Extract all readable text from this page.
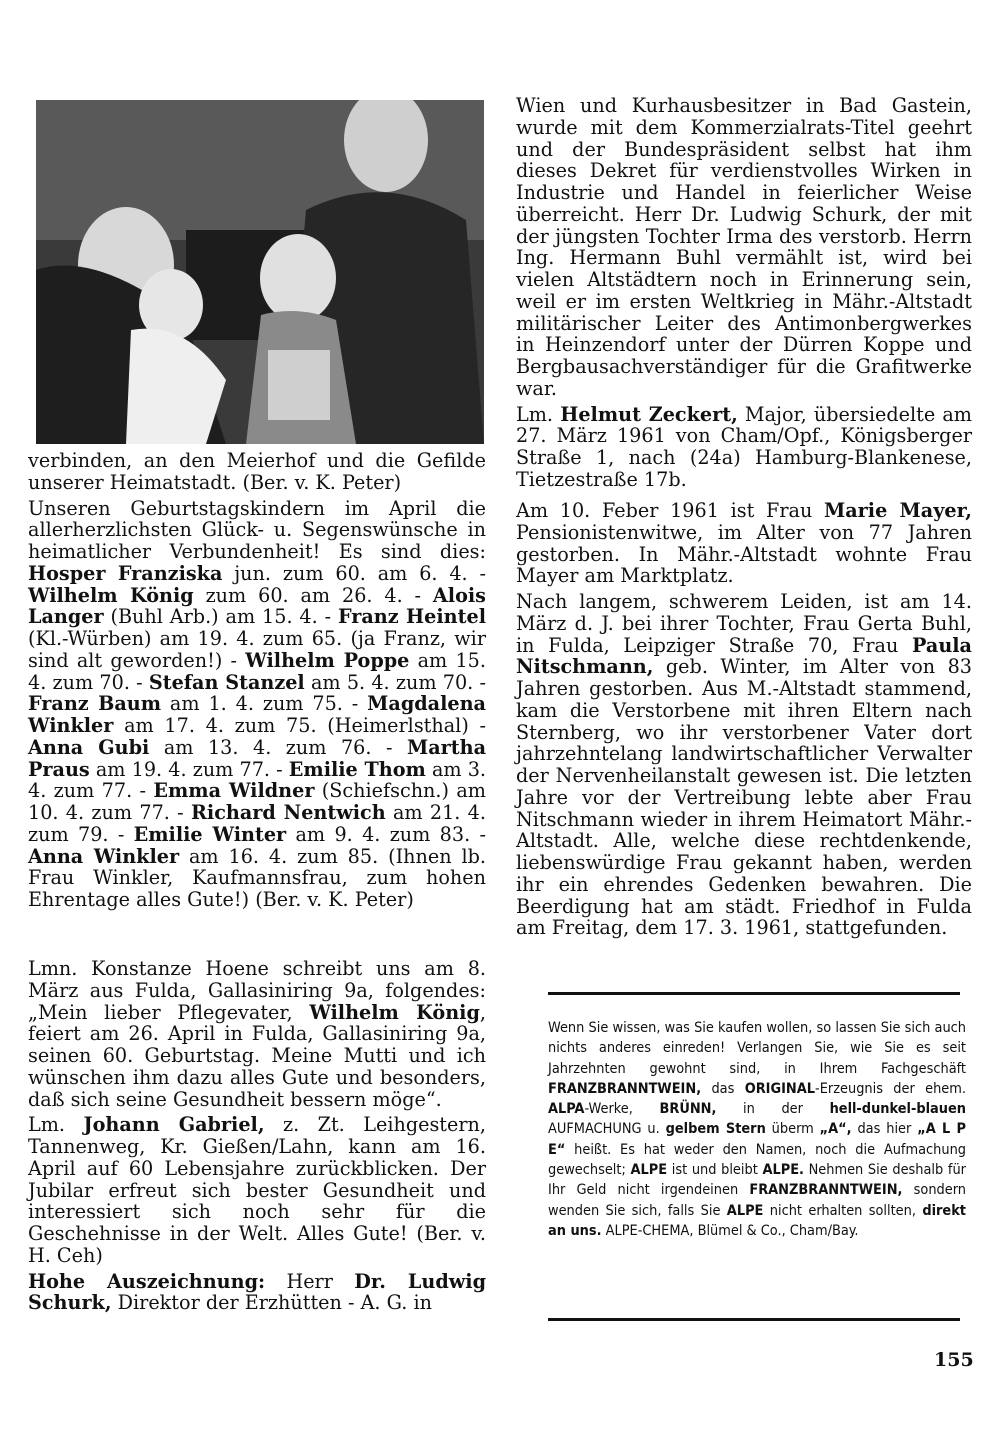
verbinden, an den Meierhof und die Gefilde unserer Heimatstadt. (Ber. v. K. Peter)

Unseren Geburtstagskindern im April die allerherzlichsten Glück- u. Segenswünsche in heimatlicher Verbundenheit! Es sind dies: Hosper Franziska jun. zum 60. am 6. 4. - Wilhelm König zum 60. am 26. 4. - Alois Langer (Buhl Arb.) am 15. 4. - Franz Heintel (Kl.-Würben) am 19. 4. zum 65. (ja Franz, wir sind alt geworden!) - Wilhelm Poppe am 15. 4. zum 70. - Stefan Stanzel am 5. 4. zum 70. - Franz Baum am 1. 4. zum 75. - Magdalena Winkler am 17. 4. zum 75. (Heimerlsthal) - Anna Gubi am 13. 4. zum 76. - Martha Praus am 19. 4. zum 77. - Emilie Thom am 3. 4. zum 77. - Emma Wildner (Schiefschn.) am 10. 4. zum 77. - Richard Nentwich am 21. 4. zum 79. - Emilie Winter am 9. 4. zum 83. - Anna Winkler am 16. 4. zum 85. (Ihnen lb. Frau Winkler, Kaufmannsfrau, zum hohen Ehrentage alles Gute!) (Ber. v. K. Peter)

Lmn. Konstanze Hoene schreibt uns am 8. März aus Fulda, Gallasiniring 9a, folgendes: „Mein lieber Pflegevater, Wilhelm König, feiert am 26. April in Fulda, Gallasiniring 9a, seinen 60. Geburtstag. Meine Mutti und ich wünschen ihm dazu alles Gute und besonders, daß sich seine Gesundheit bessern möge“.

Lm. Johann Gabriel, z. Zt. Leihgestern, Tannenweg, Kr. Gießen/Lahn, kann am 16. April auf 60 Lebensjahre zurückblicken. Der Jubilar erfreut sich bester Gesundheit und interessiert sich noch sehr für die Geschehnisse in der Welt. Alles Gute! (Ber. v. H. Ceh)

Hohe Auszeichnung: Herr Dr. Ludwig Schurk, Direktor der Erzhütten - A. G. in

Wien und Kurhausbesitzer in Bad Gastein, wurde mit dem Kommerzialrats-Titel geehrt und der Bundespräsident selbst hat ihm dieses Dekret für verdienstvolles Wirken in Industrie und Handel in feierlicher Weise überreicht. Herr Dr. Ludwig Schurk, der mit der jüngsten Tochter Irma des verstorb. Herrn Ing. Hermann Buhl vermählt ist, wird bei vielen Altstädtern noch in Erinnerung sein, weil er im ersten Weltkrieg in Mähr.-Altstadt militärischer Leiter des Antimonbergwerkes in Heinzendorf unter der Dürren Koppe und Bergbausachverständiger für die Grafitwerke war.

Lm. Helmut Zeckert, Major, übersiedelte am 27. März 1961 von Cham/Opf., Königsberger Straße 1, nach (24a) Hamburg-Blankenese, Tietzestraße 17b.

Am 10. Feber 1961 ist Frau Marie Mayer, Pensionistenwitwe, im Alter von 77 Jahren gestorben. In Mähr.-Altstadt wohnte Frau Mayer am Marktplatz.

Nach langem, schwerem Leiden, ist am 14. März d. J. bei ihrer Tochter, Frau Gerta Buhl, in Fulda, Leipziger Straße 70, Frau Paula Nitschmann, geb. Winter, im Alter von 83 Jahren gestorben. Aus M.-Altstadt stammend, kam die Verstorbene mit ihren Eltern nach Sternberg, wo ihr verstorbener Vater dort jahrzehntelang landwirtschaftlicher Verwalter der Nervenheilanstalt gewesen ist. Die letzten Jahre vor der Vertreibung lebte aber Frau Nitschmann wieder in ihrem Heimatort Mähr.-Altstadt. Alle, welche diese rechtdenkende, liebenswürdige Frau gekannt haben, werden ihr ein ehrendes Gedenken bewahren. Die Beerdigung hat am städt. Friedhof in Fulda am Freitag, dem 17. 3. 1961, stattgefunden.

Wenn Sie wissen, was Sie kaufen wollen, so lassen Sie sich auch nichts anderes einreden! Verlangen Sie, wie Sie es seit Jahrzehnten gewohnt sind, in Ihrem Fachgeschäft FRANZBRANNTWEIN, das ORIGINAL-Erzeugnis der ehem. ALPA-Werke, BRÜNN, in der hell-dunkel-blauen AUFMACHUNG u. gelbem Stern überm „A“, das hier „A L P E“ heißt. Es hat weder den Namen, noch die Aufmachung gewechselt; ALPE ist und bleibt ALPE. Nehmen Sie deshalb für Ihr Geld nicht irgendeinen FRANZBRANNTWEIN, sondern wenden Sie sich, falls Sie ALPE nicht erhalten sollten, direkt an uns. ALPE-CHEMA, Blümel & Co., Cham/Bay.
155
